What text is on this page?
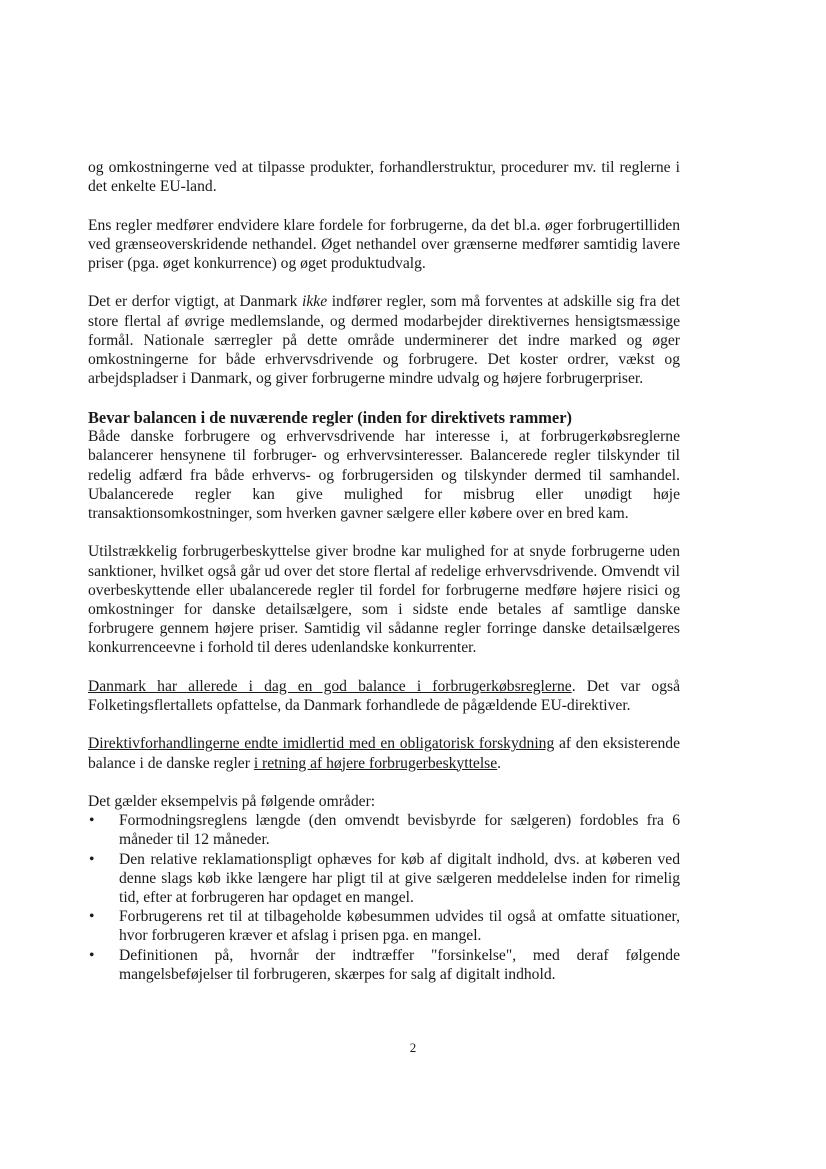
og omkostningerne ved at tilpasse produkter, forhandlerstruktur, procedurer mv. til reglerne i det enkelte EU-land.

Ens regler medfører endvidere klare fordele for forbrugerne, da det bl.a. øger forbrugertilliden ved grænseoverskridende nethandel. Øget nethandel over grænserne medfører samtidig lavere priser (pga. øget konkurrence) og øget produktudvalg.

Det er derfor vigtigt, at Danmark ikke indfører regler, som må forventes at adskille sig fra det store flertal af øvrige medlemslande, og dermed modarbejder direktivernes hensigtsmæssige formål. Nationale særregler på dette område underminerer det indre marked og øger omkostningerne for både erhvervsdrivende og forbrugere. Det koster ordrer, vækst og arbejdspladser i Danmark, og giver forbrugerne mindre udvalg og højere forbrugerpriser.

Bevar balancen i de nuværende regler (inden for direktivets rammer)

Både danske forbrugere og erhvervsdrivende har interesse i, at forbrugerkøbsreglerne balancerer hensynene til forbruger- og erhvervsinteresser. Balancerede regler tilskynder til redelig adfærd fra både erhvervs- og forbrugersiden og tilskynder dermed til samhandel. Ubalancerede regler kan give mulighed for misbrug eller unødigt høje transaktionsomkostninger, som hverken gavner sælgere eller købere over en bred kam.

Utilstrækkelig forbrugerbeskyttelse giver brodne kar mulighed for at snyde forbrugerne uden sanktioner, hvilket også går ud over det store flertal af redelige erhvervsdrivende. Omvendt vil overbeskyttende eller ubalancerede regler til fordel for forbrugerne medføre højere risici og omkostninger for danske detailsælgere, som i sidste ende betales af samtlige danske forbrugere gennem højere priser. Samtidig vil sådanne regler forringe danske detailsælgeres konkurrenceevne i forhold til deres udenlandske konkurrenter.

Danmark har allerede i dag en god balance i forbrugerkøbsreglerne. Det var også Folketingsflertallets opfattelse, da Danmark forhandlede de pågældende EU-direktiver.

Direktivforhandlingerne endte imidlertid med en obligatorisk forskydning af den eksisterende balance i de danske regler i retning af højere forbrugerbeskyttelse.

Det gælder eksempelvis på følgende områder:

• Formodningsreglens længde (den omvendt bevisbyrde for sælgeren) fordobles fra 6 måneder til 12 måneder.
• Den relative reklamationspligt ophæves for køb af digitalt indhold, dvs. at køberen ved denne slags køb ikke længere har pligt til at give sælgeren meddelelse inden for rimelig tid, efter at forbrugeren har opdaget en mangel.
• Forbrugerens ret til at tilbageholde købesummen udvides til også at omfatte situationer, hvor forbrugeren kræver et afslag i prisen pga. en mangel.
• Definitionen på, hvornår der indtræffer "forsinkelse", med deraf følgende mangelsbeføjelser til forbrugeren, skærpes for salg af digitalt indhold.
2
